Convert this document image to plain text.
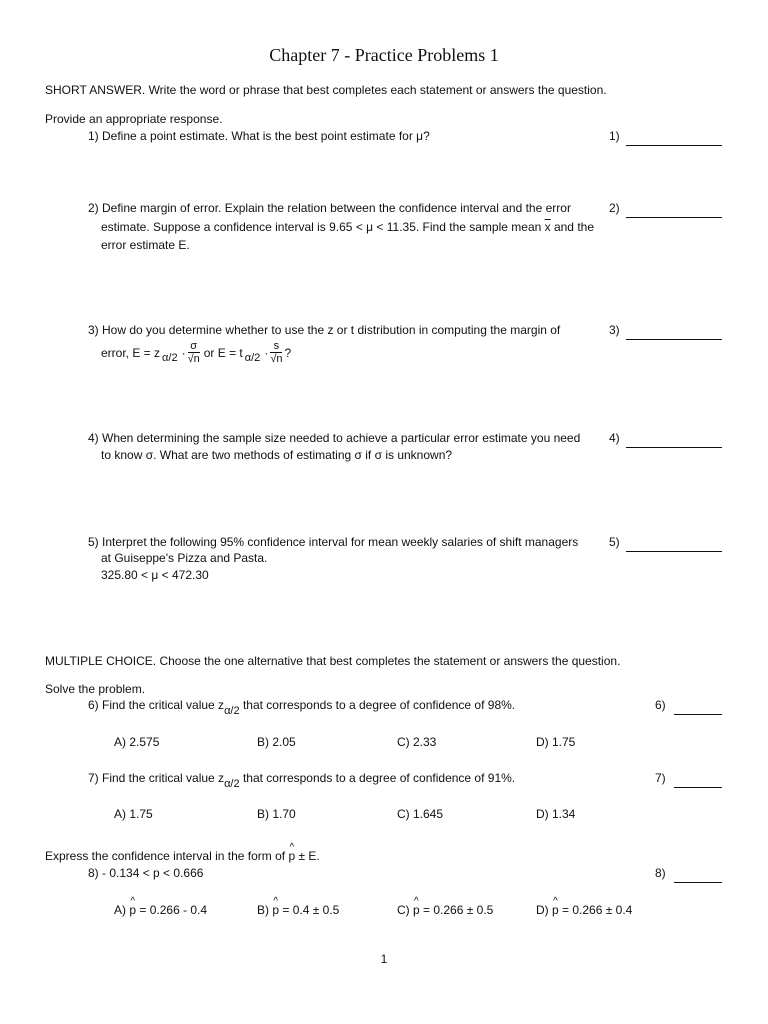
Chapter 7 - Practice Problems 1
SHORT ANSWER. Write the word or phrase that best completes each statement or answers the question.
Provide an appropriate response.
1) Define a point estimate. What is the best point estimate for μ?	1)
2) Define margin of error. Explain the relation between the confidence interval and the error
estimate. Suppose a confidence interval is 9.65 < μ < 11.35. Find the sample mean $\overline{x}$ and the
error estimate E.
2)
3) How do you determine whether to use the z or t distribution in computing the margin of
error, E = z $\alpha/2 \cdot \frac{\sigma}{√n}$ or E = t $\alpha/2 \cdot \frac{s}{√n}$ ?
3)
4) When determining the sample size needed to achieve a particular error estimate you need
to know σ. What are two methods of estimating σ if σ is unknown?
4)
5) Interpret the following 95% confidence interval for mean weekly salaries of shift managers
at Guiseppe's Pizza and Pasta.
325.80 < μ < 472.30
5)
MULTIPLE CHOICE. Choose the one alternative that best completes the statement or answers the question.
Solve the problem.
6) Find the critical value zα/2 that corresponds to a degree of confidence of 98%.	6)
A) 2.575	B) 2.05	C) 2.33	D) 1.75
7) Find the critical value zα/2 that corresponds to a degree of confidence of 91%.	7)
A) 1.75	B) 1.70	C) 1.645	D) 1.34
Express the confidence interval in the form of ^ p ± E.
8) - 0.134 < p < 0.666	8)
A) ^ p = 0.266 - 0.4	B) ^ p = 0.4 ± 0.5	C) ^ p = 0.266 ± 0.5	D) ^ p = 0.266 ± 0.4
1
